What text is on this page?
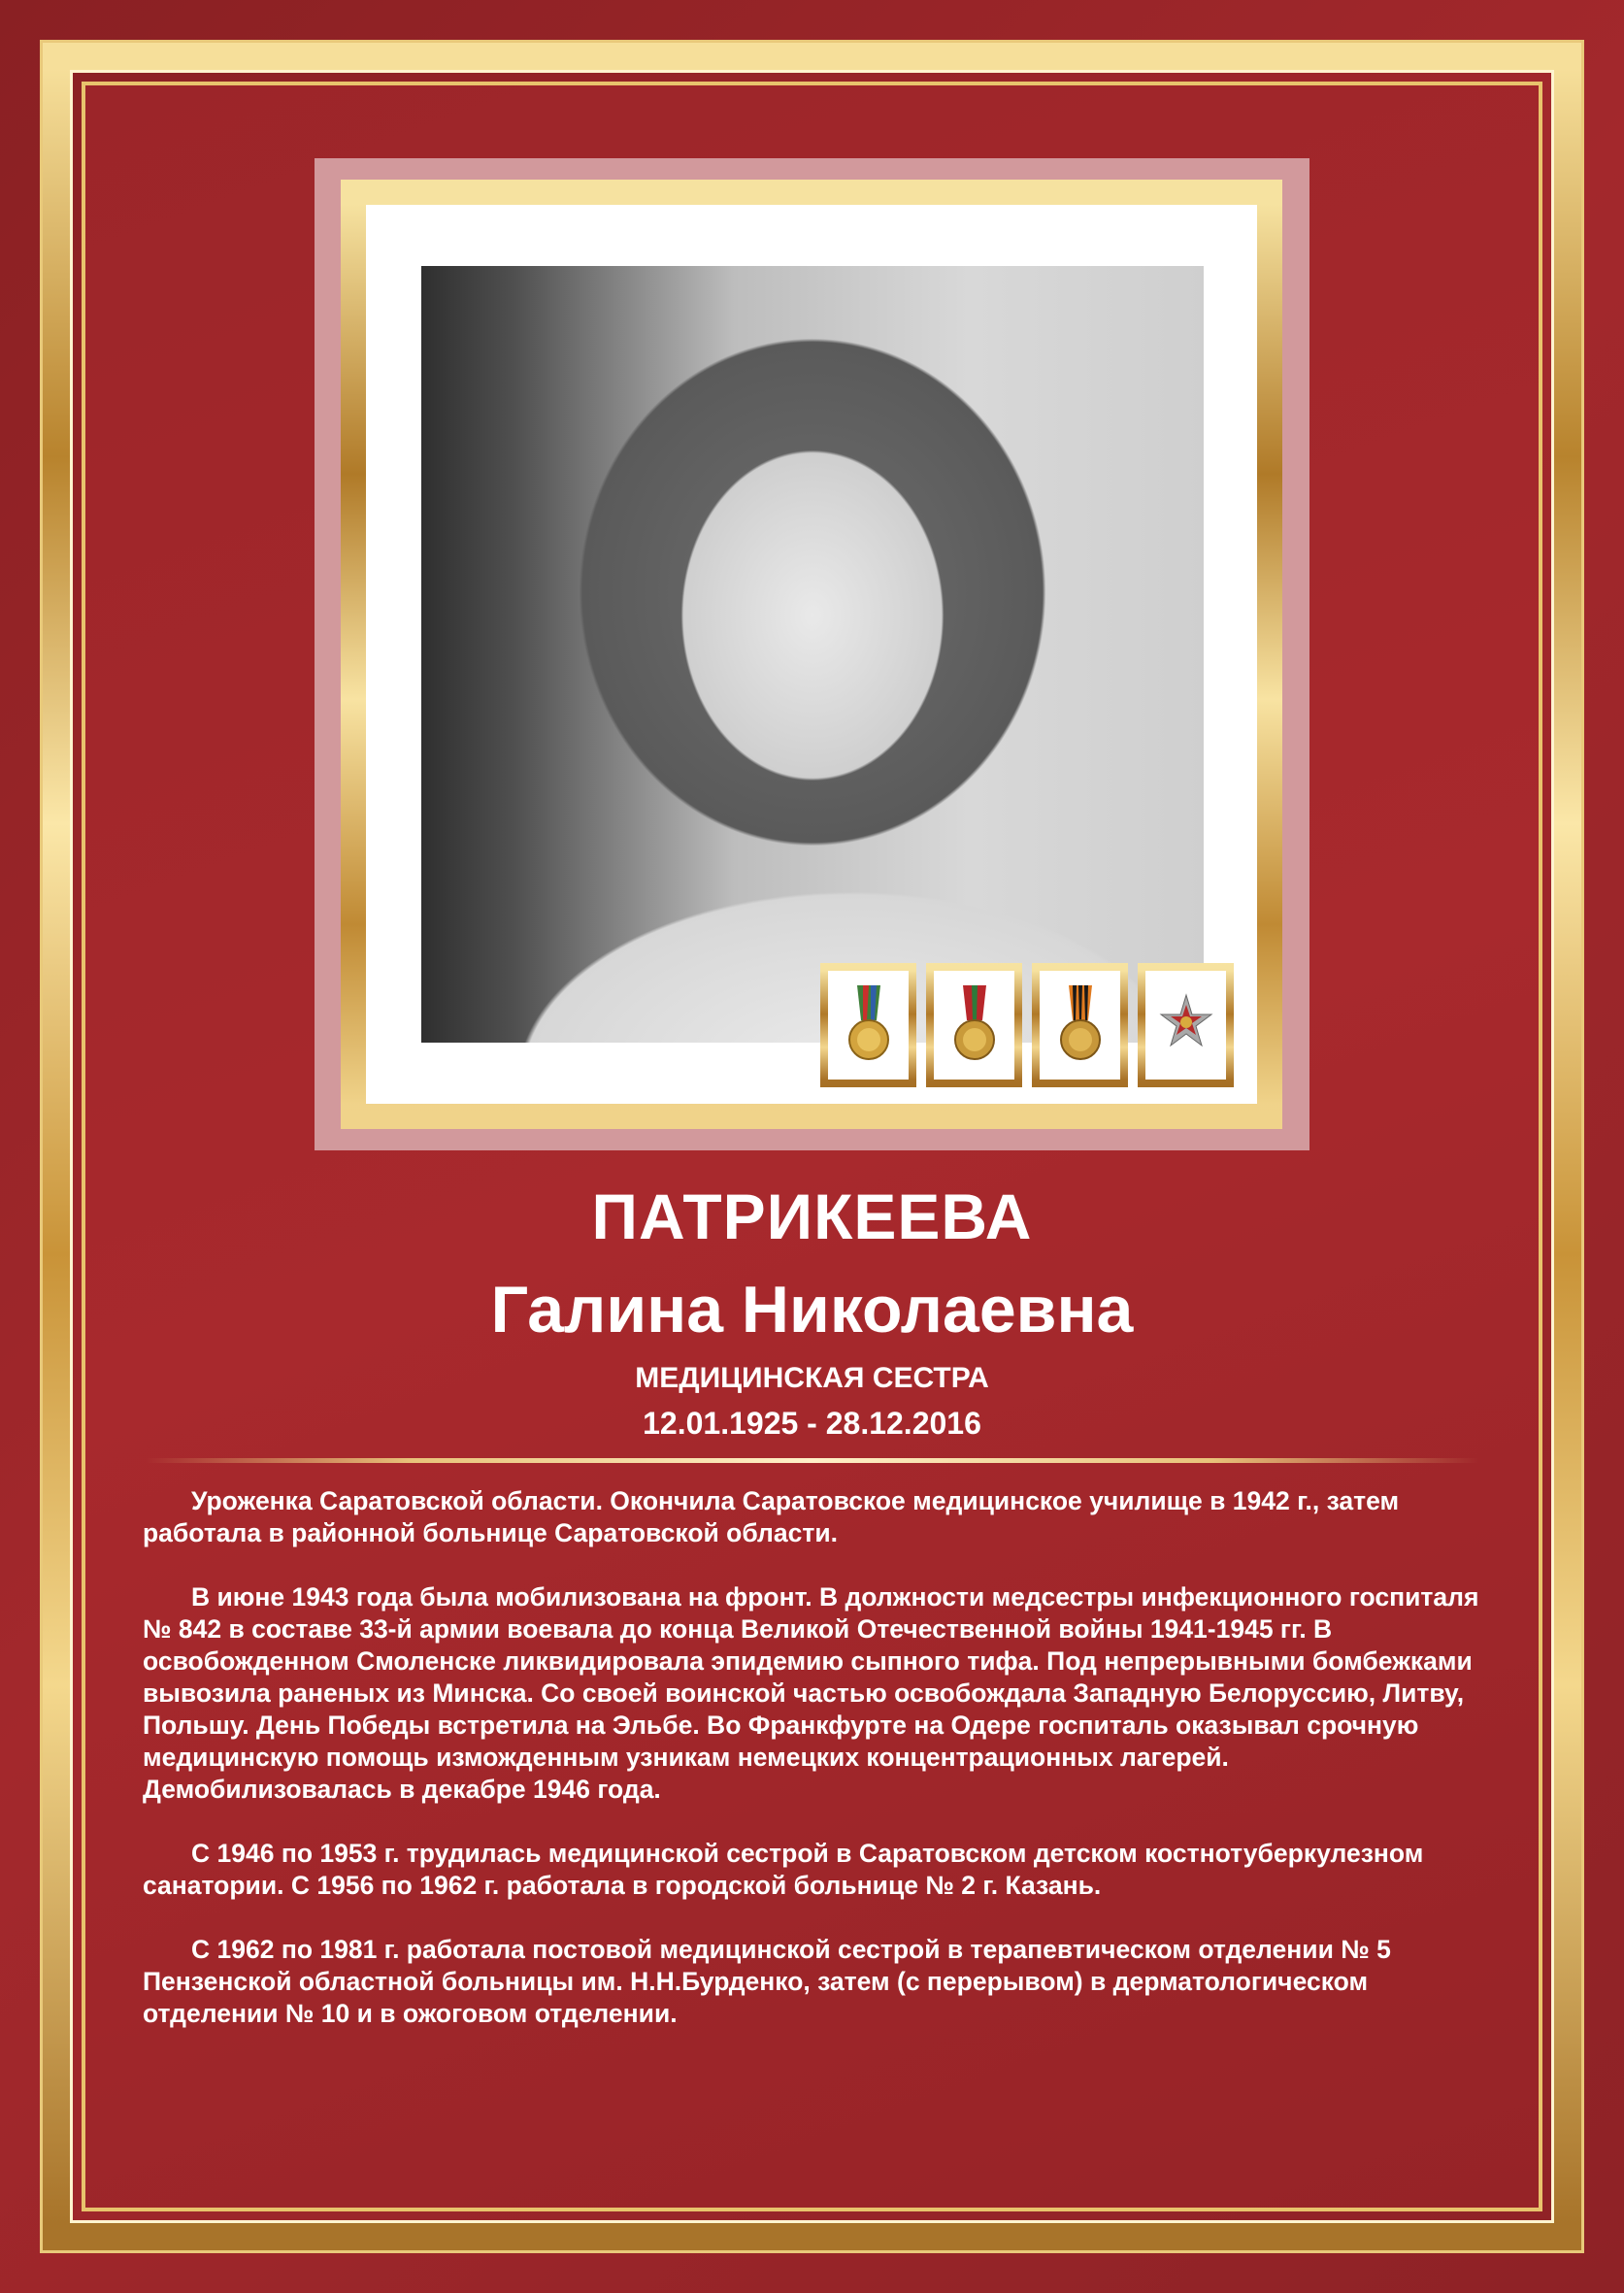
ПАТРИКЕЕВА
Галина Николаевна
МЕДИЦИНСКАЯ СЕСТРА
12.01.1925 - 28.12.2016

Уроженка Саратовской области. Окончила Саратовское медицинское училище в 1942 г., затем работала в районной больнице Саратовской области.

В июне 1943 года была мобилизована на фронт. В должности медсестры инфекционного госпиталя № 842 в составе 33-й армии воевала до конца Великой Отечественной войны 1941-1945 гг. В освобожденном Смоленске ликвидировала эпидемию сыпного тифа. Под непрерывными бомбежками вывозила раненых из Минска. Со своей воинской частью освобождала Западную Белоруссию, Литву, Польшу. День Победы встретила на Эльбе. Во Франкфурте на Одере госпиталь оказывал срочную медицинскую помощь изможденным узникам немецких концентрационных лагерей. Демобилизовалась в декабре 1946 года.

С 1946 по 1953 г. трудилась медицинской сестрой в Саратовском детском костнотуберкулезном санатории. С 1956 по 1962 г. работала в городской больнице № 2 г. Казань.

С 1962 по 1981 г. работала постовой медицинской сестрой в терапевтическом отделении № 5 Пензенской областной больницы им. Н.Н.Бурденко, затем (с перерывом) в дерматологическом отделении № 10 и в ожоговом отделении.
